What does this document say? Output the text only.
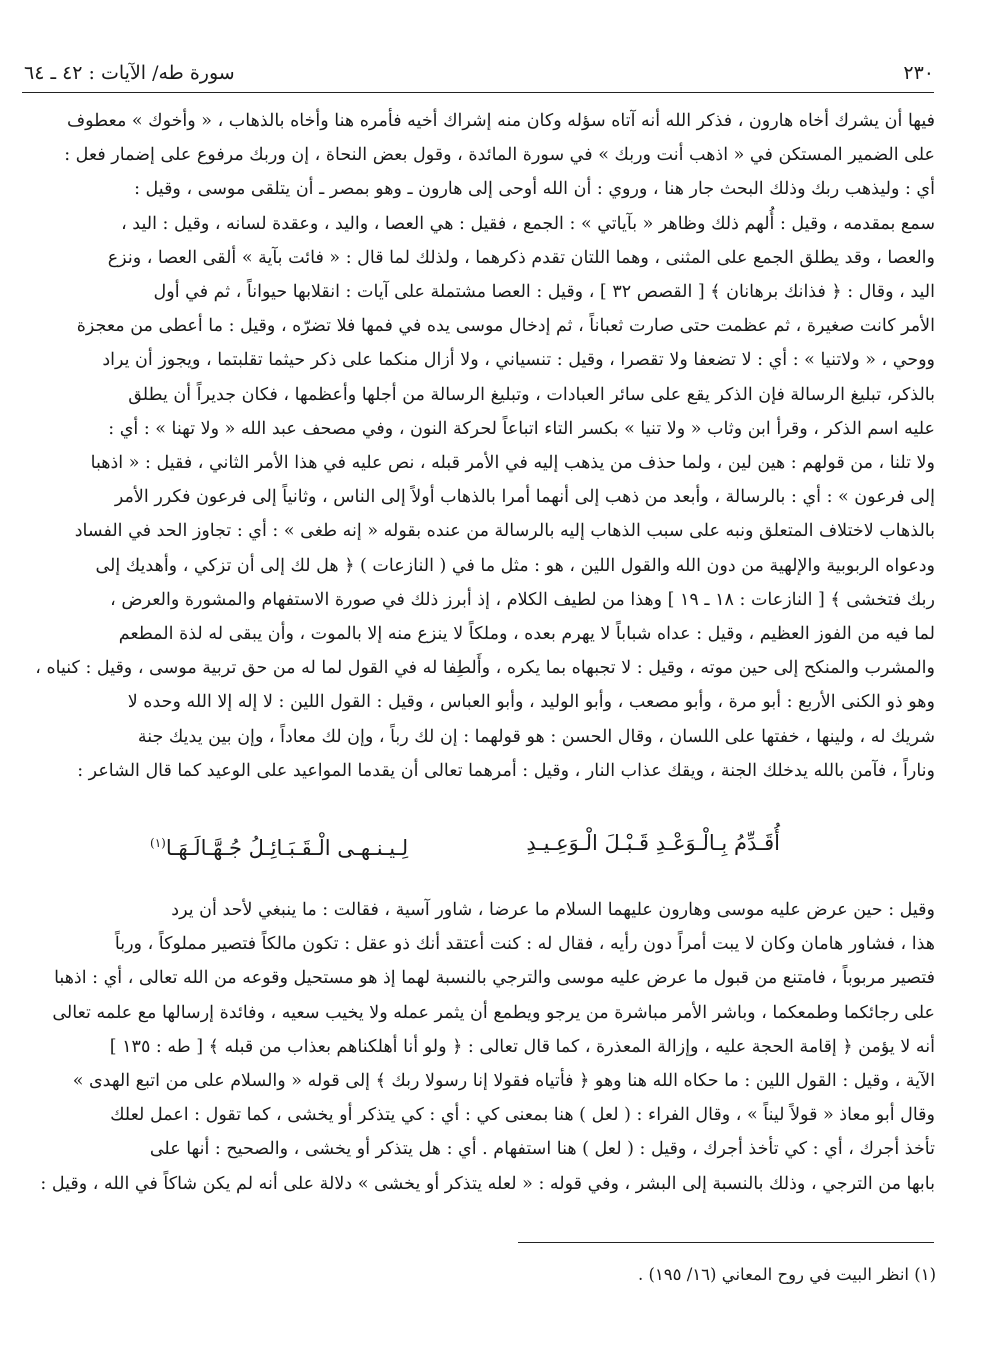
٢٣٠
سورة طه/ الآيات : ٤٢ ـ ٦٤

فيها أن يشرك أخاه هارون ، فذكر الله أنه آتاه سؤله وكان منه إشراك أخيه فأمره هنا وأخاه بالذهاب ، « وأخوك » معطوف

على الضمير المستكن في « اذهب أنت وربك » في سورة المائدة ، وقول بعض النحاة ، إن وربك مرفوع على إضمار فعل :

أي : وليذهب ربك وذلك البحث جار هنا ، وروي : أن الله أوحى إلى هارون ـ وهو بمصر ـ أن يتلقى موسى ، وقيل :

سمع بمقدمه ، وقيل : أُلهم ذلك وظاهر « بآياتي » : الجمع ، فقيل : هي العصا ، واليد ، وعقدة لسانه ، وقيل : اليد ،

والعصا ، وقد يطلق الجمع على المثنى ، وهما اللتان تقدم ذكرهما ، ولذلك لما قال : « فائت بآية » ألقى العصا ، ونزع

اليد ، وقال : ﴿ فذانك برهانان ﴾ [ القصص ٣٢ ] ، وقيل : العصا مشتملة على آيات : انقلابها حيواناً ، ثم في أول

الأمر كانت صغيرة ، ثم عظمت حتى صارت ثعباناً ، ثم إدخال موسى يده في فمها فلا تضرّه ، وقيل : ما أعطى من معجزة

ووحي ، « ولاتنيا » : أي : لا تضعفا ولا تقصرا ، وقيل : تنسياني ، ولا أزال منكما على ذكر حيثما تقلبتما ، ويجوز أن يراد

بالذكر، تبليغ الرسالة فإن الذكر يقع على سائر العبادات ، وتبليغ الرسالة من أجلها وأعظمها ، فكان جديراً أن يطلق

عليه اسم الذكر ، وقرأ ابن وثاب « ولا تنيا » بكسر التاء اتباعاً لحركة النون ، وفي مصحف عبد الله « ولا تهنا » : أي :

ولا تلنا ، من قولهم : هين لين ، ولما حذف من يذهب إليه في الأمر قبله ، نص عليه في هذا الأمر الثاني ، فقيل : « اذهبا

إلى فرعون » : أي : بالرسالة ، وأبعد من ذهب إلى أنهما أمرا بالذهاب أولاً إلى الناس ، وثانياً إلى فرعون فكرر الأمر

بالذهاب لاختلاف المتعلق ونبه على سبب الذهاب إليه بالرسالة من عنده بقوله « إنه طغى » : أي : تجاوز الحد في الفساد

ودعواه الربوبية والإلهية من دون الله والقول اللين ، هو : مثل ما في ( النازعات ) ﴿ هل لك إلى أن تزكي ، وأهديك إلى

ربك فتخشى ﴾ [ النازعات : ١٨ ـ ١٩ ] وهذا من لطيف الكلام ، إذ أبرز ذلك في صورة الاستفهام والمشورة والعرض ،

لما فيه من الفوز العظيم ، وقيل : عداه شباباً لا يهرم بعده ، وملكاً لا ينزع منه إلا بالموت ، وأن يبقى له لذة المطعم

والمشرب والمنكح إلى حين موته ، وقيل : لا تجبهاه بما يكره ، وأَلطِفا له في القول لما له من حق تربية موسى ، وقيل : كنياه ،

وهو ذو الكنى الأربع : أبو مرة ، وأبو مصعب ، وأبو الوليد ، وأبو العباس ، وقيل : القول اللين : لا إله إلا الله وحده لا

شريك له ، ولينها ، خفتها على اللسان ، وقال الحسن : هو قولهما : إن لك رباً ، وإن لك معاداً ، وإن بين يديك جنة

وناراً ، فآمن بالله يدخلك الجنة ، ويقك عذاب النار ، وقيل : أمرهما تعالى أن يقدما المواعيد على الوعيد كما قال الشاعر :

أُقَـدِّمُ بِـالْـوَعْـدِ قَـبْـلَ الْـوَعِـيـدِ
لِـيـنـهـى الْـقَـبَـائِـلُ جُـهَّـالَـهَـا$^{(١)}$

وقيل : حين عرض عليه موسى وهارون عليهما السلام ما عرضا ، شاور آسية ، فقالت : ما ينبغي لأحد أن يرد

هذا ، فشاور هامان وكان لا يبت أمراً دون رأيه ، فقال له : كنت أعتقد أنك ذو عقل : تكون مالكاً فتصير مملوكاً ، ورباً

فتصير مربوباً ، فامتنع من قبول ما عرض عليه موسى والترجي بالنسبة لهما إذ هو مستحيل وقوعه من الله تعالى ، أي : اذهبا

على رجائكما وطمعكما ، وباشر الأمر مباشرة من يرجو ويطمع أن يثمر عمله ولا يخيب سعيه ، وفائدة إرسالها مع علمه تعالى

أنه لا يؤمن ﴿ إقامة الحجة عليه ، وإزالة المعذرة ، كما قال تعالى : ﴿ ولو أنا أهلكناهم بعذاب من قبله ﴾ [ طه : ١٣٥ ]

الآية ، وقيل : القول اللين : ما حكاه الله هنا وهو ﴿ فأتياه فقولا إنا رسولا ربك ﴾ إلى قوله « والسلام على من اتبع الهدى »

وقال أبو معاذ « قولاً ليناً » ، وقال الفراء : ( لعل ) هنا بمعنى كي : أي : كي يتذكر أو يخشى ، كما تقول : اعمل لعلك

تأخذ أجرك ، أي : كي تأخذ أجرك ، وقيل : ( لعل ) هنا استفهام . أي : هل يتذكر أو يخشى ، والصحيح : أنها على

بابها من الترجي ، وذلك بالنسبة إلى البشر ، وفي قوله : « لعله يتذكر أو يخشى » دلالة على أنه لم يكن شاكاً في الله ، وقيل :

(١) انظر البيت في روح المعاني (١٦/ ١٩٥) .
